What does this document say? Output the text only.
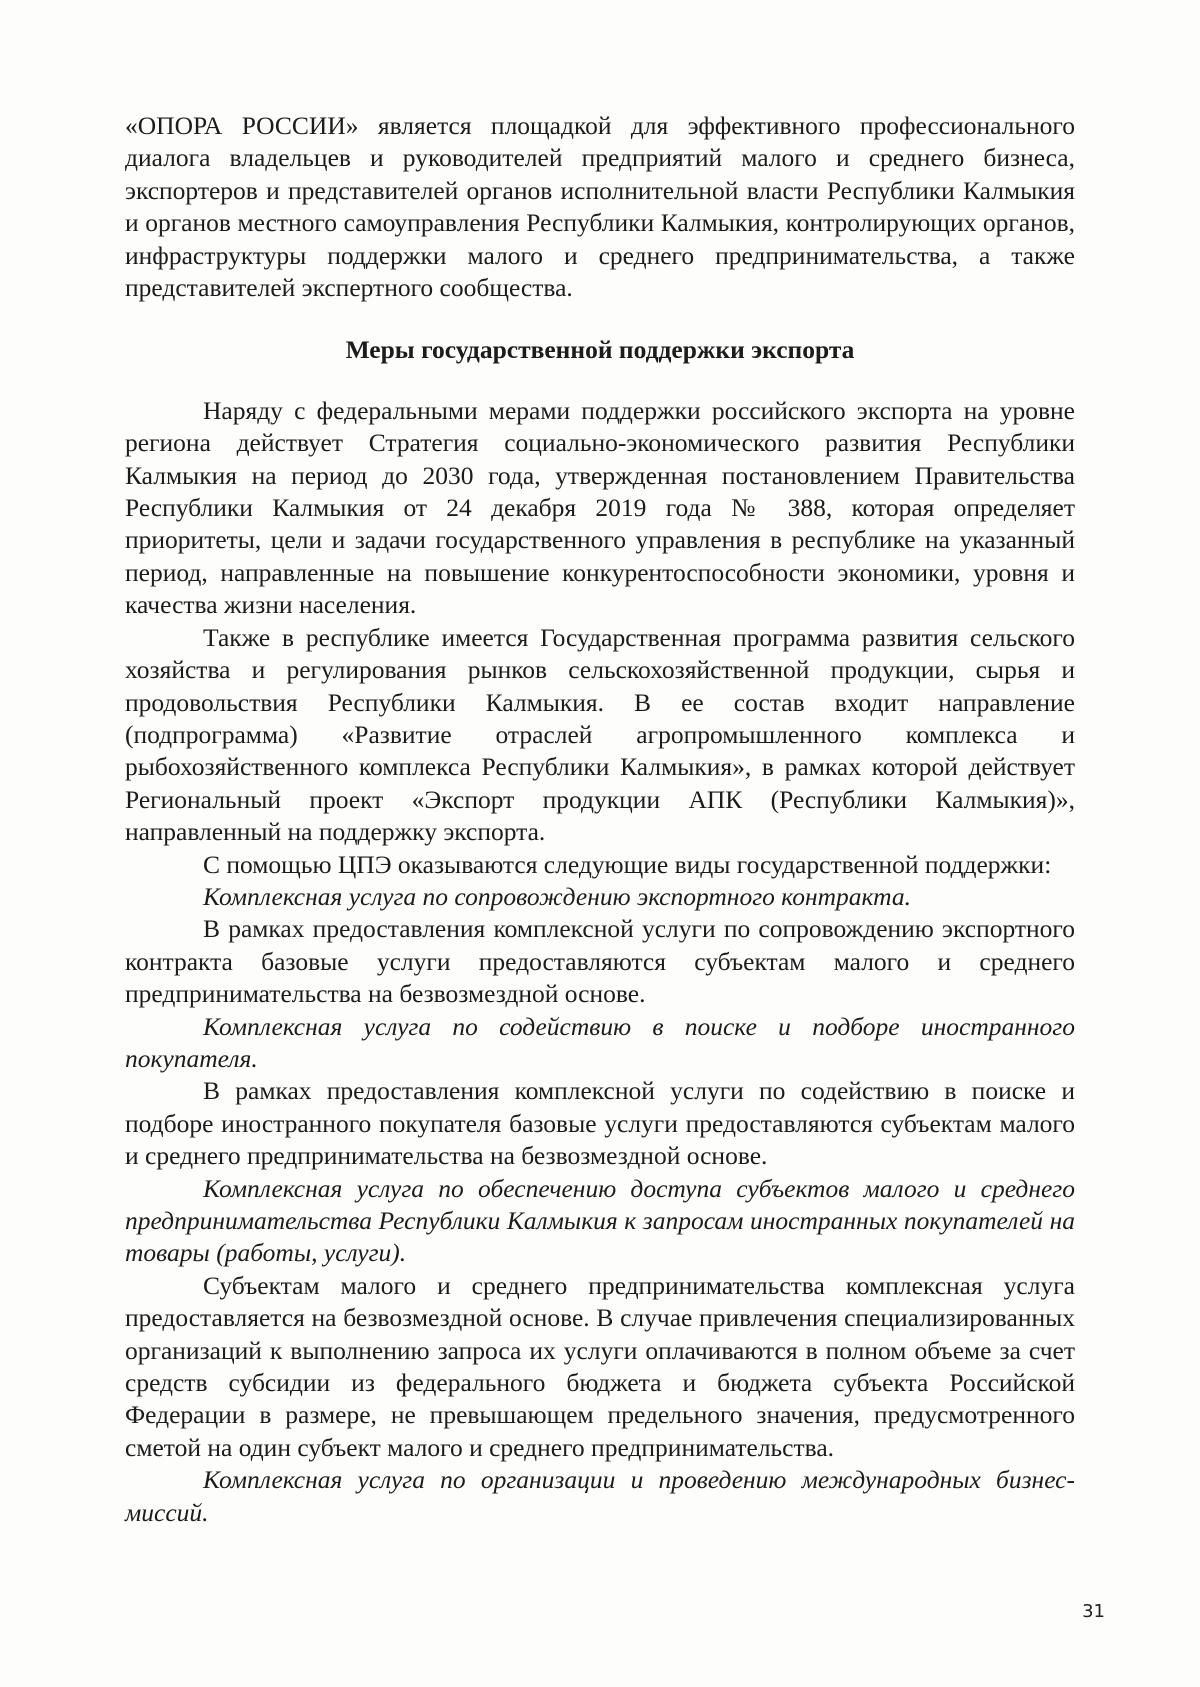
«ОПОРА РОССИИ» является площадкой для эффективного профессионального диалога владельцев и руководителей предприятий малого и среднего бизнеса, экспортеров и представителей органов исполнительной власти Республики Калмыкия и органов местного самоуправления Республики Калмыкия, контролирующих органов, инфраструктуры поддержки малого и среднего предпринимательства, а также представителей экспертного сообщества.

Меры государственной поддержки экспорта

Наряду с федеральными мерами поддержки российского экспорта на уровне региона действует Стратегия социально-экономического развития Республики Калмыкия на период до 2030 года, утвержденная постановлением Правительства Республики Калмыкия от 24 декабря 2019 года № 388, которая определяет приоритеты, цели и задачи государственного управления в республике на указанный период, направленные на повышение конкурентоспособности экономики, уровня и качества жизни населения.

Также в республике имеется Государственная программа развития сельского хозяйства и регулирования рынков сельскохозяйственной продукции, сырья и продовольствия Республики Калмыкия. В ее состав входит направление (подпрограмма) «Развитие отраслей агропромышленного комплекса и рыбохозяйственного комплекса Республики Калмыкия», в рамках которой действует Региональный проект «Экспорт продукции АПК (Республики Калмыкия)», направленный на поддержку экспорта.

С помощью ЦПЭ оказываются следующие виды государственной поддержки:

Комплексная услуга по сопровождению экспортного контракта.

В рамках предоставления комплексной услуги по сопровождению экспортного контракта базовые услуги предоставляются субъектам малого и среднего предпринимательства на безвозмездной основе.

Комплексная услуга по содействию в поиске и подборе иностранного покупателя.

В рамках предоставления комплексной услуги по содействию в поиске и подборе иностранного покупателя базовые услуги предоставляются субъектам малого и среднего предпринимательства на безвозмездной основе.

Комплексная услуга по обеспечению доступа субъектов малого и среднего предпринимательства Республики Калмыкия к запросам иностранных покупателей на товары (работы, услуги).

Субъектам малого и среднего предпринимательства комплексная услуга предоставляется на безвозмездной основе. В случае привлечения специализированных организаций к выполнению запроса их услуги оплачиваются в полном объеме за счет средств субсидии из федерального бюджета и бюджета субъекта Российской Федерации в размере, не превышающем предельного значения, предусмотренного сметой на один субъект малого и среднего предпринимательства.

Комплексная услуга по организации и проведению международных бизнес-миссий.

31
